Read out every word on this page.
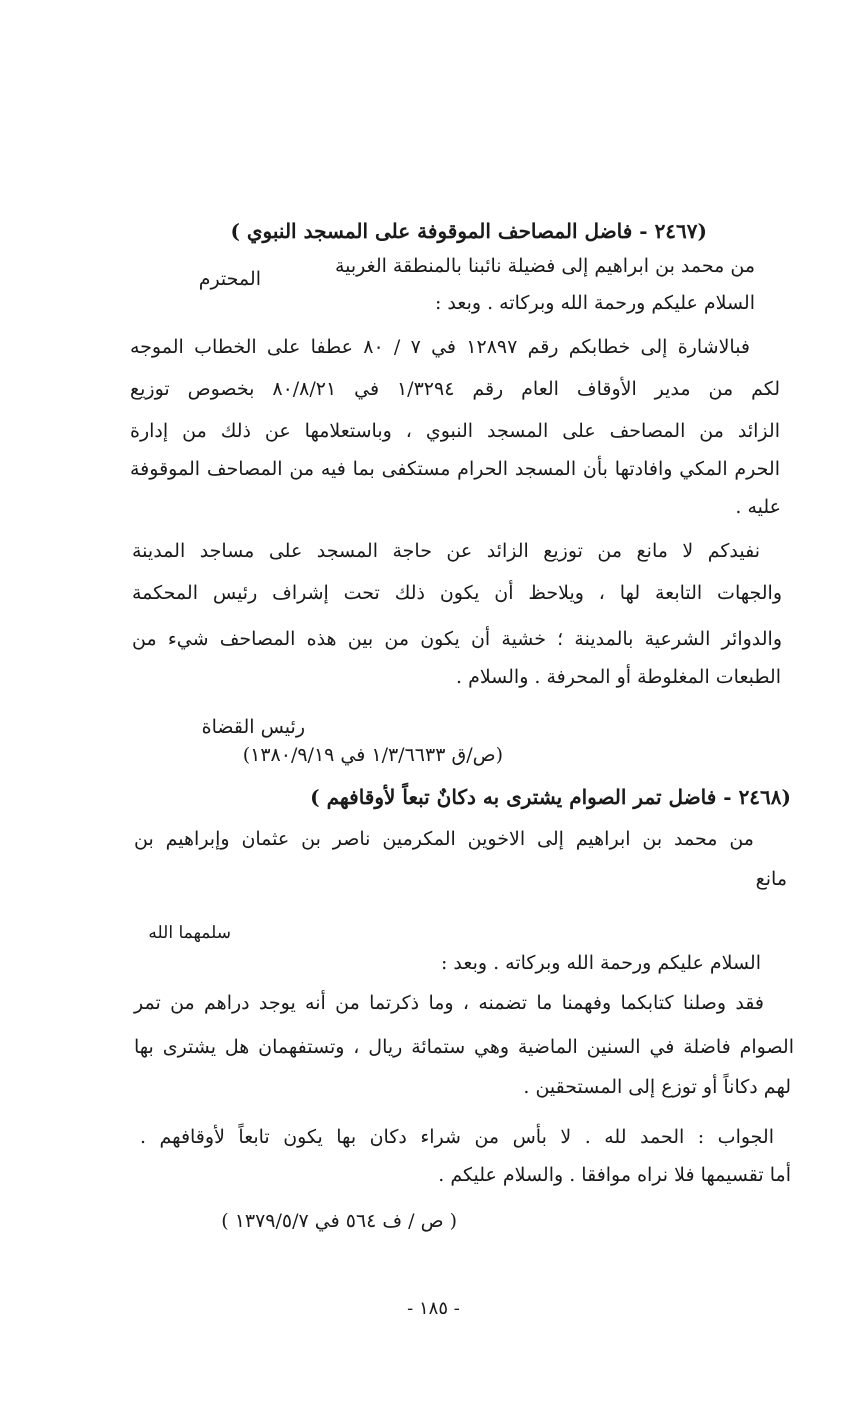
(٢٤٦٧ - فاضل المصاحف الموقوفة على المسجد النبوي )
من محمد بن ابراهيم إلى فضيلة نائبنا بالمنطقة الغربية
المحترم
السلام عليكم ورحمة الله وبركاته . وبعد :
فبالاشارة إلى خطابكم رقم ١٢٨٩٧ في ٧ / ٨٠ عطفا على الخطاب الموجه
لكم من مدير الأوقاف العام رقم ١/٣٢٩٤ في ٨٠/٨/٢١ بخصوص توزيع
الزائد من المصاحف على المسجد النبوي ، وباستعلامها عن ذلك من إدارة
الحرم المكي وافادتها بأن المسجد الحرام مستكفى بما فيه من المصاحف الموقوفة
عليه .
نفيدكم لا مانع من توزيع الزائد عن حاجة المسجد على مساجد المدينة
والجهات التابعة لها ، ويلاحظ أن يكون ذلك تحت إشراف رئيس المحكمة
والدوائر الشرعية بالمدينة ؛ خشية أن يكون من بين هذه المصاحف شيء من
الطبعات المغلوطة أو المحرفة . والسلام .
رئيس القضاة
(ص/ق ١/٣/٦٦٣٣ في ١٣٨٠/٩/١٩)
(٢٤٦٨ - فاضل تمر الصوام يشترى به دكانٌ تبعاً لأوقافهم )
من محمد بن ابراهيم إلى الاخوين المكرمين ناصر بن عثمان وإبراهيم بن
مانع
سلمهما الله
السلام عليكم ورحمة الله وبركاته . وبعد :
فقد وصلنا كتابكما وفهمنا ما تضمنه ، وما ذكرتما من أنه يوجد دراهم من تمر
الصوام فاضلة في السنين الماضية وهي ستمائة ريال ، وتستفهمان هل يشترى بها
لهم دكاناً أو توزع إلى المستحقين .
الجواب : الحمد لله . لا بأس من شراء دكان بها يكون تابعاً لأوقافهم .
أما تقسيمها فلا نراه موافقا . والسلام عليكم .
( ص / ف ٥٦٤ في ١٣٧٩/٥/٧ )
- ١٨٥ -
